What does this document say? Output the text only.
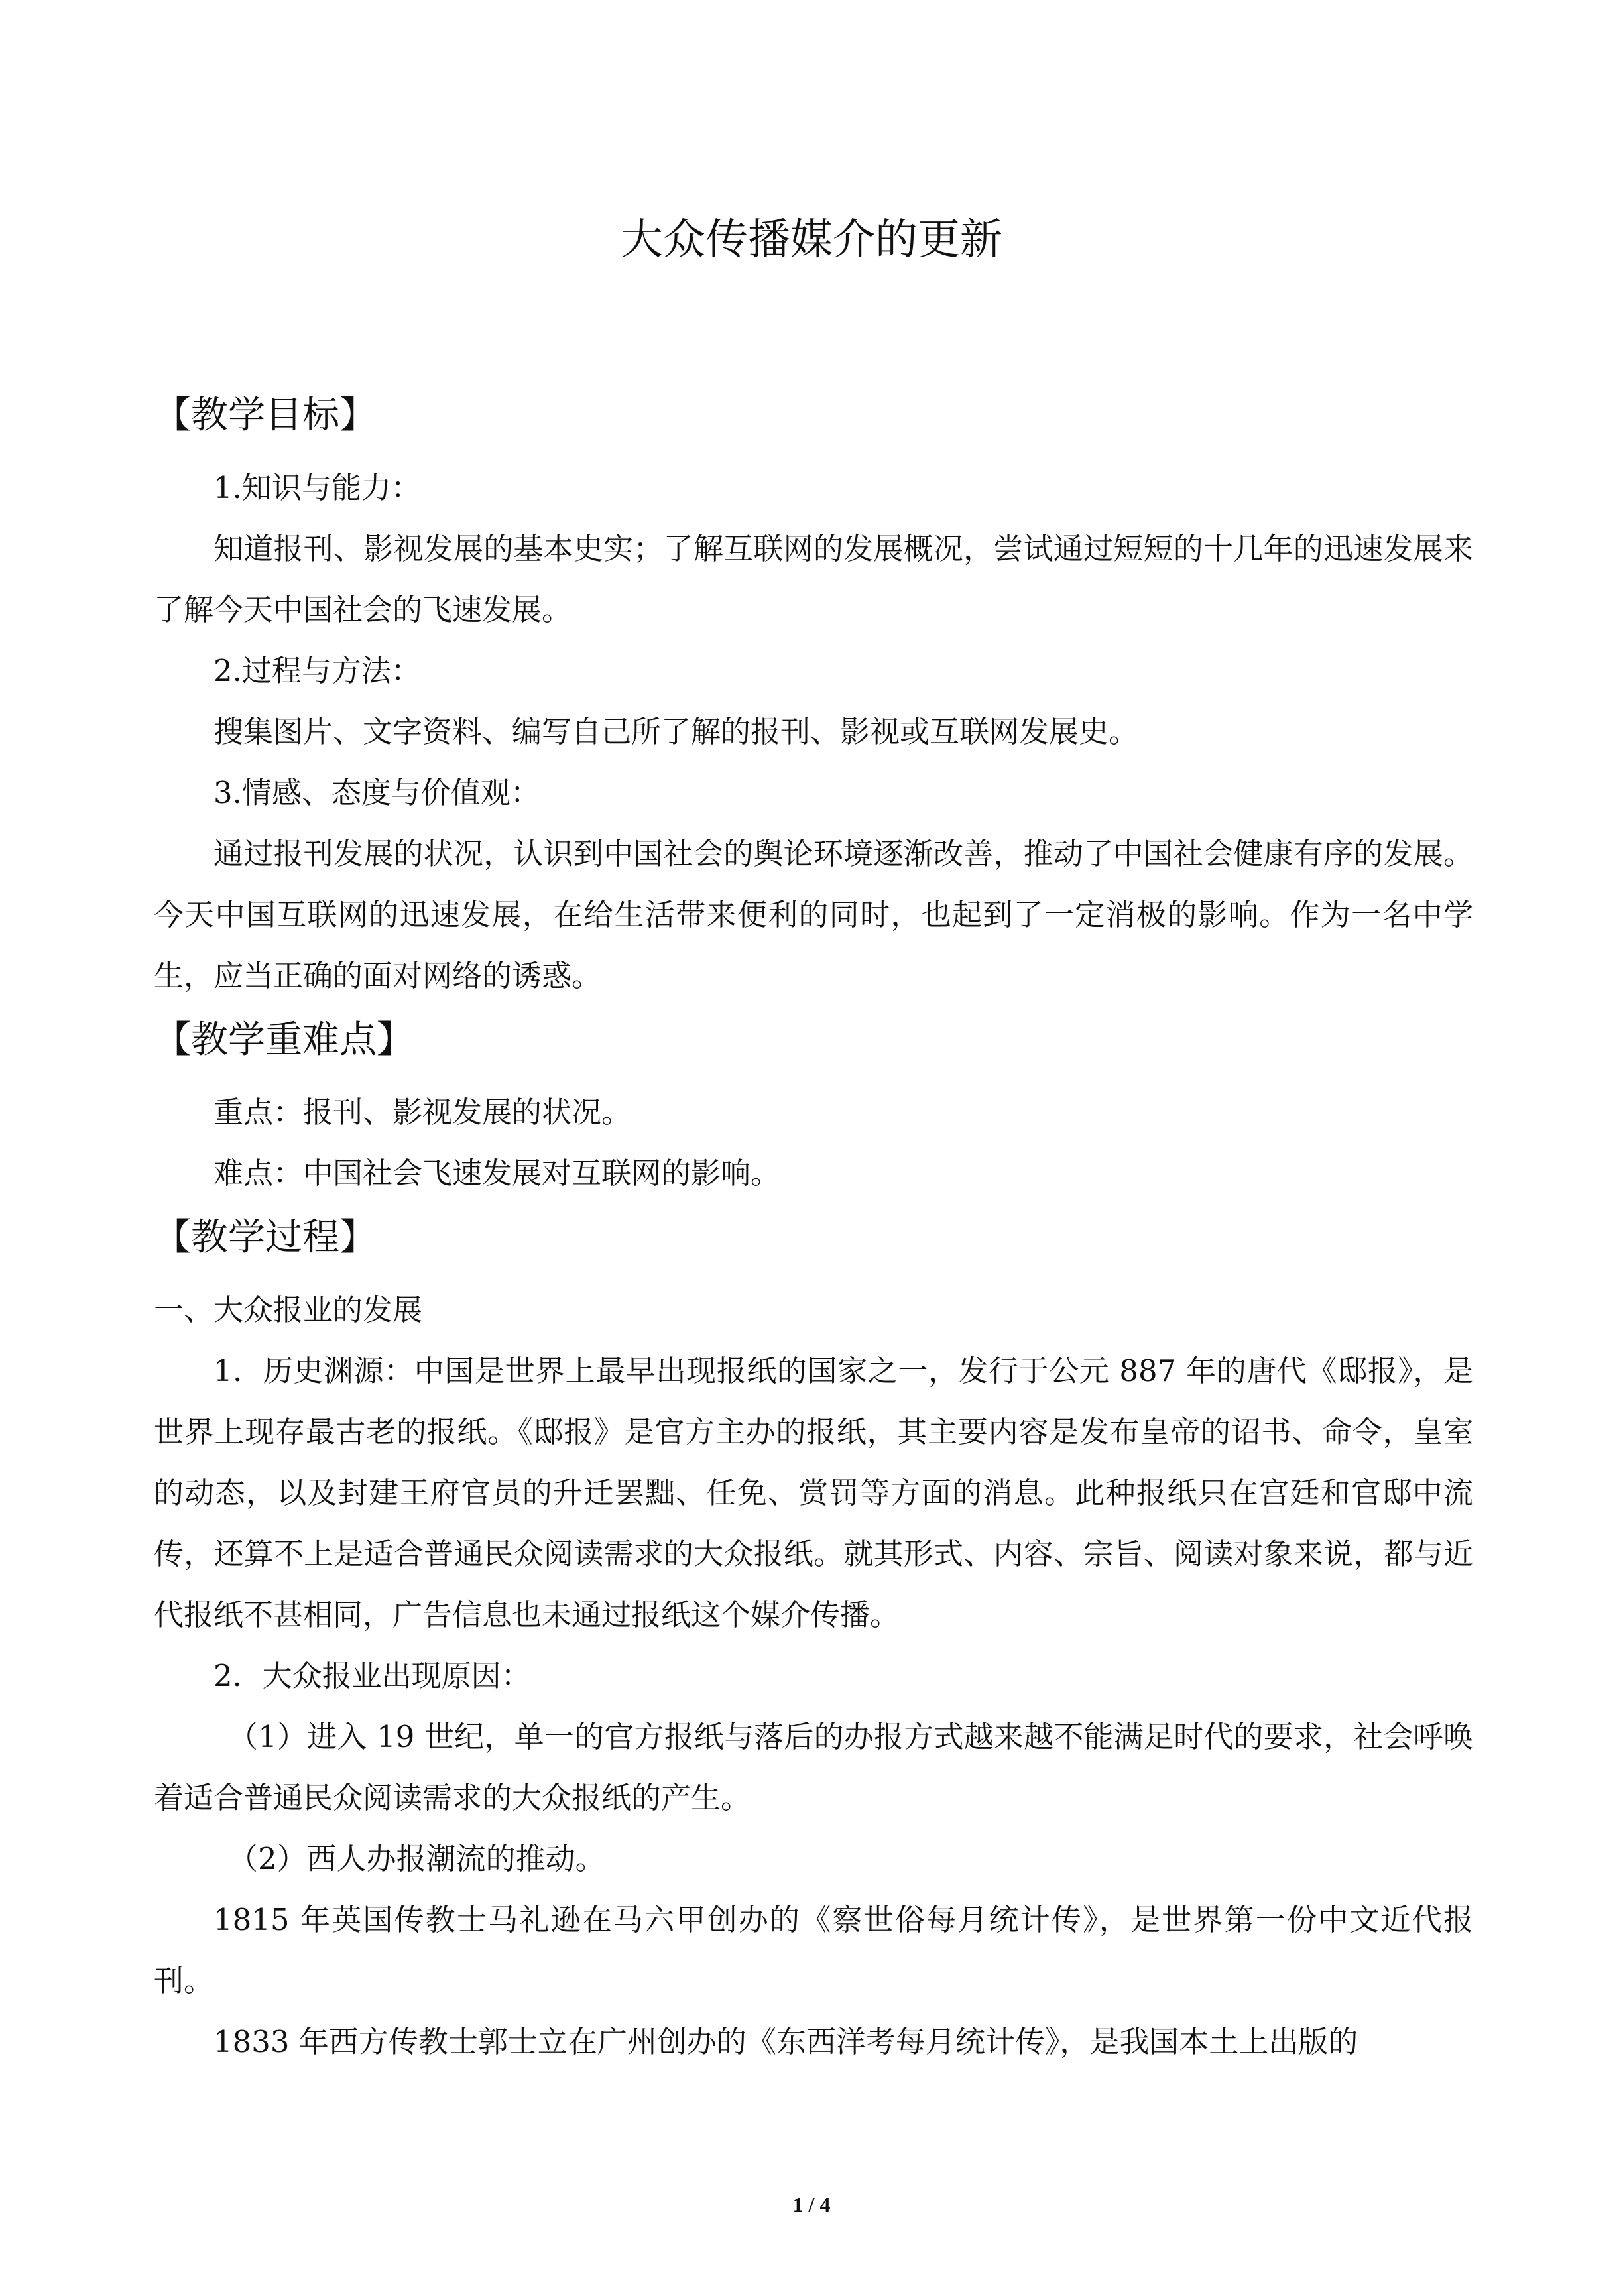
大众传播媒介的更新
【教学目标】

1.知识与能力：

知道报刊、影视发展的基本史实；了解互联网的发展概况，尝试通过短短的十几年的迅速发展来了解今天中国社会的飞速发展。

2.过程与方法：

搜集图片、文字资料、编写自己所了解的报刊、影视或互联网发展史。

3.情感、态度与价值观：

通过报刊发展的状况，认识到中国社会的舆论环境逐渐改善，推动了中国社会健康有序的发展。今天中国互联网的迅速发展，在给生活带来便利的同时，也起到了一定消极的影响。作为一名中学生，应当正确的面对网络的诱惑。

【教学重难点】

重点：报刊、影视发展的状况。

难点：中国社会飞速发展对互联网的影响。

【教学过程】

一、大众报业的发展

1．历史渊源：中国是世界上最早出现报纸的国家之一，发行于公元 887 年的唐代《邸报》，是世界上现存最古老的报纸。《邸报》是官方主办的报纸，其主要内容是发布皇帝的诏书、命令，皇室的动态，以及封建王府官员的升迁罢黜、任免、赏罚等方面的消息。此种报纸只在宫廷和官邸中流传，还算不上是适合普通民众阅读需求的大众报纸。就其形式、内容、宗旨、阅读对象来说，都与近代报纸不甚相同，广告信息也未通过报纸这个媒介传播。

2．大众报业出现原因：

（1）进入 19 世纪，单一的官方报纸与落后的办报方式越来越不能满足时代的要求，社会呼唤着适合普通民众阅读需求的大众报纸的产生。

（2）西人办报潮流的推动。

1815 年英国传教士马礼逊在马六甲创办的《察世俗每月统计传》，是世界第一份中文近代报刊。

1833 年西方传教士郭士立在广州创办的《东西洋考每月统计传》，是我国本土上出版的

1 / 4
